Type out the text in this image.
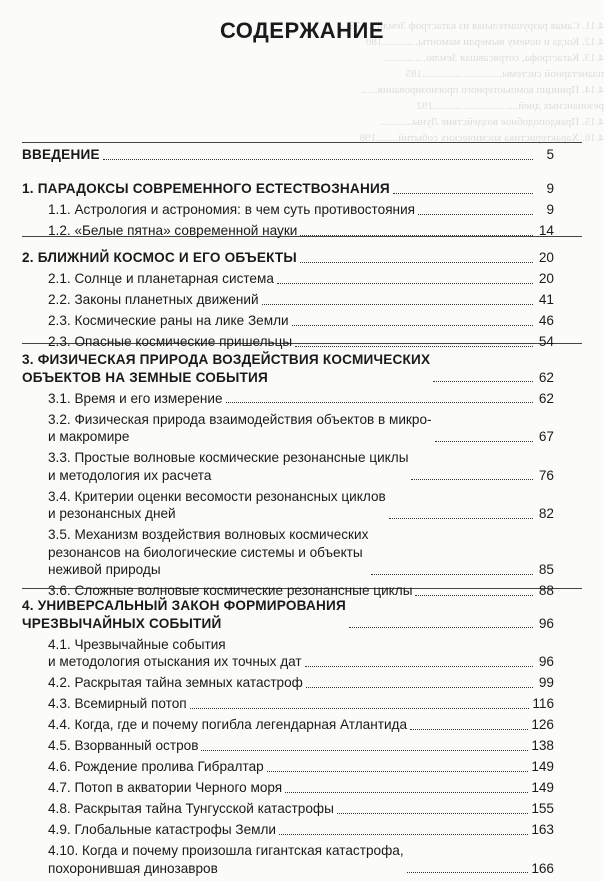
4.11. Самая разрушительная из катастроф Земли....175
4.12. Когда и почему вымерли мамонты.............180
4.13. Катастрофа, сотрясавшая Землю...............
планетарной системы.............................185
4.14. Принцип компьютерного прогнозирования......
резонансных дней...............................192
4.15. Правдоподобное воздействие Луны............
4.16. Характеристика космических событий........198
СОДЕРЖАНИЕ
ВВЕДЕНИЕ	5
1. ПАРАДОКСЫ СОВРЕМЕННОГО ЕСТЕСТВОЗНАНИЯ	9
1.1. Астрология и астрономия: в чем суть противостояния	9
1.2. «Белые пятна» современной науки	14
2. БЛИЖНИЙ КОСМОС И ЕГО ОБЪЕКТЫ	20
2.1. Солнце и планетарная система	20
2.2. Законы планетных движений	41
2.3. Космические раны на лике Земли	46
2.3. Опасные космические пришельцы	54
3. ФИЗИЧЕСКАЯ ПРИРОДА ВОЗДЕЙСТВИЯ КОСМИЧЕСКИХ
ОБЪЕКТОВ НА ЗЕМНЫЕ СОБЫТИЯ	62
3.1. Время и его измерение	62
3.2. Физическая природа взаимодействия объектов в микро-
и макромире	67
3.3. Простые волновые космические резонансные циклы
и методология их расчета	76
3.4. Критерии оценки весомости резонансных циклов
и резонансных дней	82
3.5. Механизм воздействия волновых космических
резонансов на биологические системы и объекты
неживой природы	85
3.6. Сложные волновые космические резонансные циклы	88
4. УНИВЕРСАЛЬНЫЙ ЗАКОН ФОРМИРОВАНИЯ
ЧРЕЗВЫЧАЙНЫХ СОБЫТИЙ	96
4.1. Чрезвычайные события
и методология отыскания их точных дат	96
4.2. Раскрытая тайна земных катастроф	99
4.3. Всемирный потоп	116
4.4. Когда, где и почему погибла легендарная Атлантида	126
4.5. Взорванный остров	138
4.6. Рождение пролива Гибралтар	149
4.7. Потоп в акватории Черного моря	149
4.8. Раскрытая тайна Тунгусской катастрофы	155
4.9. Глобальные катастрофы Земли	163
4.10. Когда и почему произошла гигантская катастрофа,
похоронившая динозавров	166
